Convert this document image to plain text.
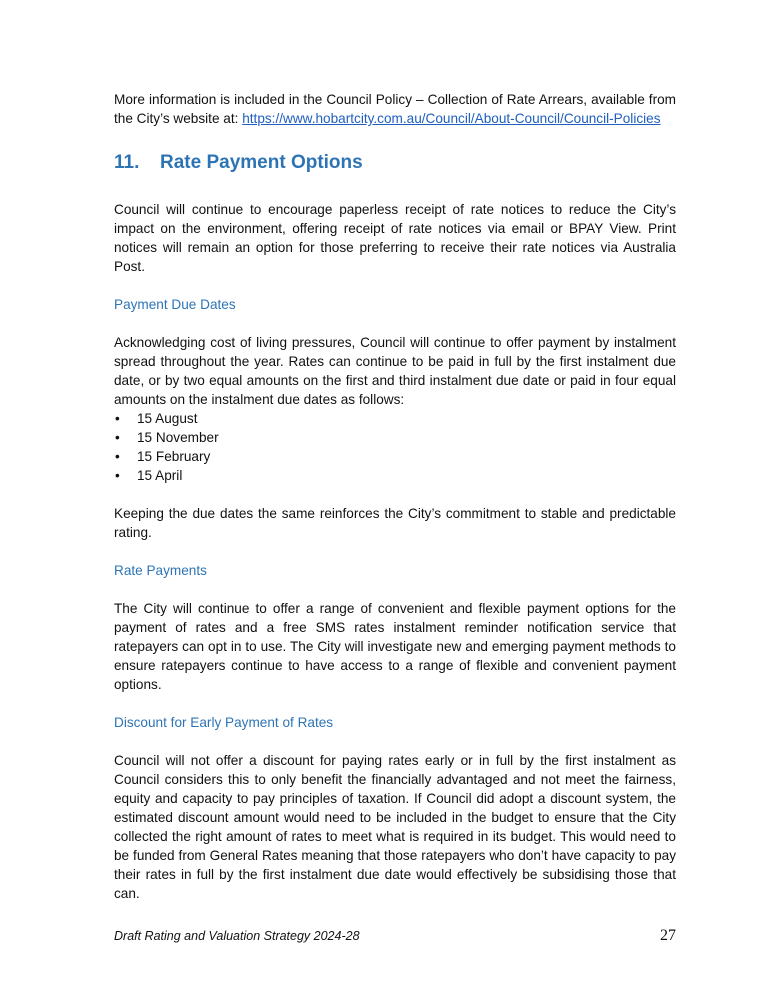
More information is included in the Council Policy – Collection of Rate Arrears, available from the City’s website at: https://www.hobartcity.com.au/Council/About-Council/Council-Policies

11. Rate Payment Options

Council will continue to encourage paperless receipt of rate notices to reduce the City’s impact on the environment, offering receipt of rate notices via email or BPAY View. Print notices will remain an option for those preferring to receive their rate notices via Australia Post.

Payment Due Dates

Acknowledging cost of living pressures, Council will continue to offer payment by instalment spread throughout the year. Rates can continue to be paid in full by the first instalment due date, or by two equal amounts on the first and third instalment due date or paid in four equal amounts on the instalment due dates as follows:

• 15 August
• 15 November
• 15 February
• 15 April

Keeping the due dates the same reinforces the City’s commitment to stable and predictable rating.

Rate Payments

The City will continue to offer a range of convenient and flexible payment options for the payment of rates and a free SMS rates instalment reminder notification service that ratepayers can opt in to use. The City will investigate new and emerging payment methods to ensure ratepayers continue to have access to a range of flexible and convenient payment options.

Discount for Early Payment of Rates

Council will not offer a discount for paying rates early or in full by the first instalment as Council considers this to only benefit the financially advantaged and not meet the fairness, equity and capacity to pay principles of taxation. If Council did adopt a discount system, the estimated discount amount would need to be included in the budget to ensure that the City collected the right amount of rates to meet what is required in its budget. This would need to be funded from General Rates meaning that those ratepayers who don’t have capacity to pay their rates in full by the first instalment due date would effectively be subsidising those that can.

Draft Rating and Valuation Strategy 2024-28	27
